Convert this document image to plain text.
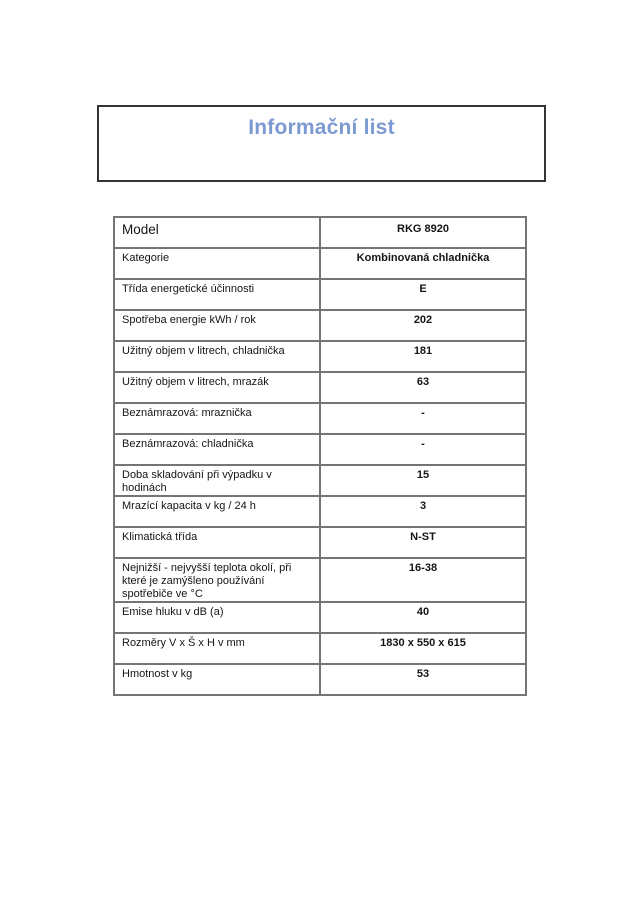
Informační list
Model	RKG 8920
Kategorie	Kombinovaná chladnička
Třída energetické účinnosti	E
Spotřeba energie kWh / rok	202
Užitný objem v litrech, chladnička	181
Užitný objem v litrech, mrazák	63
Beznámrazová: mraznička	-
Beznámrazová: chladnička	-
Doba skladování při výpadku v hodinách	15
Mrazící kapacita v kg / 24 h	3
Klimatická třída	N-ST
Nejnižší - nejvyšší teplota okolí, při které je zamýšleno používání spotřebiče ve °C	16-38
Emise hluku v dB (a)	40
Rozměry V x Š x H v mm	1830 x 550 x 615
Hmotnost v kg	53
